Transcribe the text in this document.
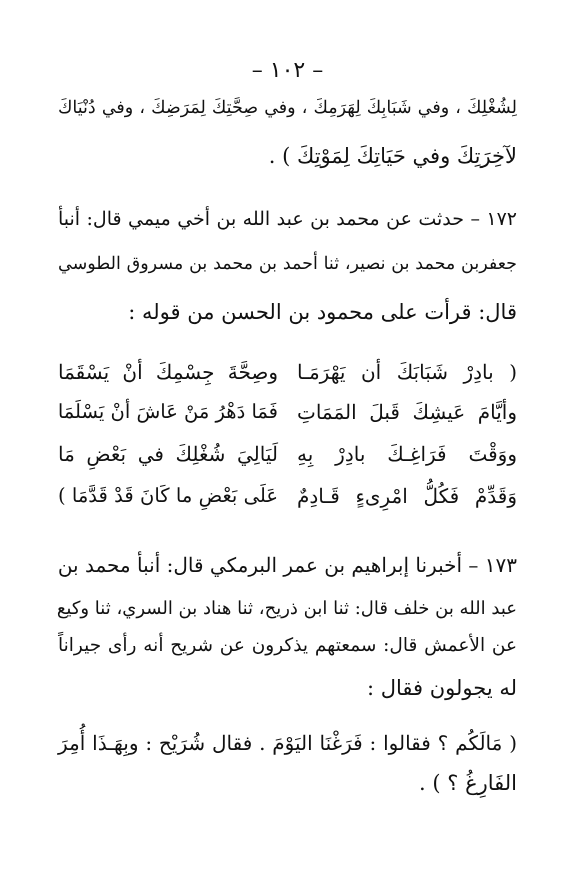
– ١٠٢ –
لِشُغْلِكَ ، وفي شَبَابِكَ لِهَرَمِكَ ، وفي صِحَّتِكَ لِمَرَضِكَ ، وفي دُنْيَاكَ
لآخِرَتِكَ وفي حَيَاتِكَ لِمَوْتِكَ ) .
١٧٢ – حدثت عن محمد بن عبد الله بن أخي ميمي قال: أنبأ
جعفربن محمد بن نصير، ثنا أحمد بن محمد بن مسروق الطوسي
قال: قرأت على محمود بن الحسن من قوله :
( بادِرْ شَبَابَكَ أن يَهْرَمَـا
وصِحَّةَ جِسْمِكَ أنْ يَسْقَمَا
وأيَّامَ عَيشِكَ قَبلَ المَمَاتِ
فَمَا دَهْرُ مَنْ عَاشَ أنْ يَسْلَمَا
ووَقْتَ فَرَاغِـكَ بادِرْ بِهِ
لَيَالِيَ شُغْلِكَ في بَعْضِ مَا
وَقَدِّمْ فَكُلُّ امْرِىءٍ قَـادِمٌ
عَلَى بَعْضِ ما كَانَ قَدْ قَدَّمَا )
١٧٣ – أخبرنا إبراهيم بن عمر البرمكي قال: أنبأ محمد بن
عبد الله بن خلف قال: ثنا ابن ذريح، ثنا هناد بن السري، ثنا وكيع
عن الأعمش قال: سمعتهم يذكرون عن شريح أنه رأى جيراناً
له يجولون فقال :
( مَالَكُم ؟ فقالوا : فَرَغْنَا اليَوْمَ . فقال شُرَيْح : وبِهَـذَا أُمِرَ
الفَارِغُ ؟ ) .
